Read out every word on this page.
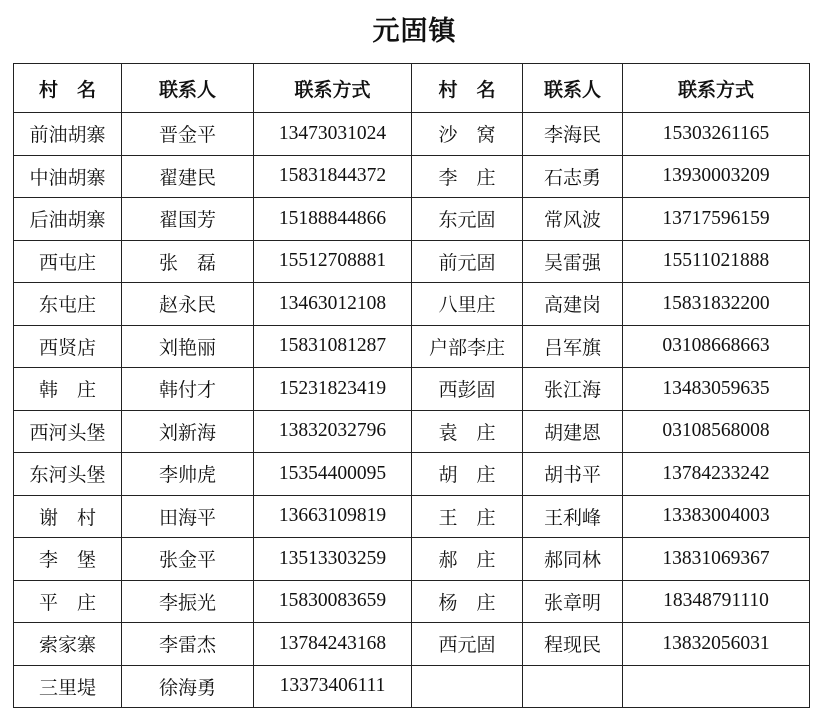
元固镇
村　名	联系人	联系方式	村　名	联系人	联系方式
前油胡寨	晋金平	13473031024	沙　窝	李海民	15303261165
中油胡寨	翟建民	15831844372	李　庄	石志勇	13930003209
后油胡寨	翟国芳	15188844866	东元固	常风波	13717596159
西屯庄	张　磊	15512708881	前元固	吴雷强	15511021888
东屯庄	赵永民	13463012108	八里庄	高建岗	15831832200
西贤店	刘艳丽	15831081287	户部李庄	吕军旗	03108668663
韩　庄	韩付才	15231823419	西彭固	张江海	13483059635
西河头堡	刘新海	13832032796	袁　庄	胡建恩	03108568008
东河头堡	李帅虎	15354400095	胡　庄	胡书平	13784233242
谢　村	田海平	13663109819	王　庄	王利峰	13383004003
李　堡	张金平	13513303259	郝　庄	郝同林	13831069367
平　庄	李振光	15830083659	杨　庄	张章明	18348791110
索家寨	李雷杰	13784243168	西元固	程现民	13832056031
三里堤	徐海勇	13373406111			
